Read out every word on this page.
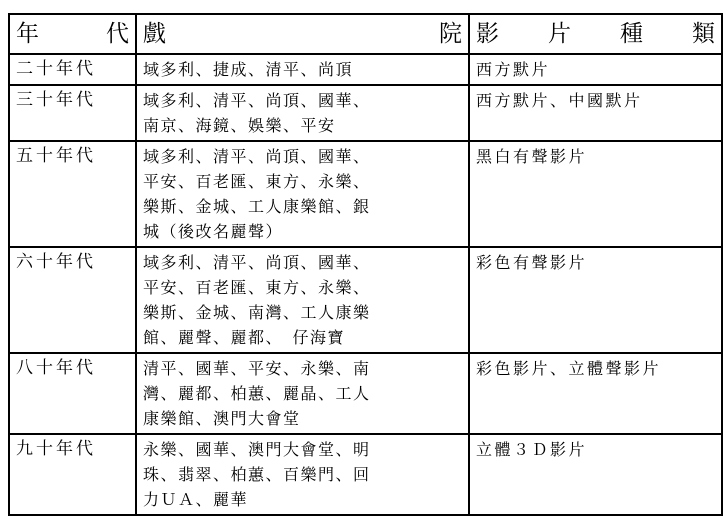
年 代	戲 院	影 片 種 類

二十年代	域多利、捷成、清平、尚頂	西方默片
三十年代	域多利、清平、尚頂、國華、
南京、海鏡、娛樂、平安	西方默片、中國默片
五十年代	域多利、清平、尚頂、國華、
平安、百老匯、東方、永樂、
樂斯、金城、工人康樂館、銀
城（後改名麗聲）	黑白有聲影片
六十年代	域多利、清平、尚頂、國華、
平安、百老匯、東方、永樂、
樂斯、金城、南灣、工人康樂
館、麗聲、麗都、　仔海寶	彩色有聲影片
八十年代	清平、國華、平安、永樂、南
灣、麗都、柏蕙、麗晶、工人
康樂館、澳門大會堂	彩色影片、立體聲影片
九十年代	永樂、國華、澳門大會堂、明
珠、翡翠、柏蕙、百樂門、回
力ＵＡ、麗華	立體３Ｄ影片
